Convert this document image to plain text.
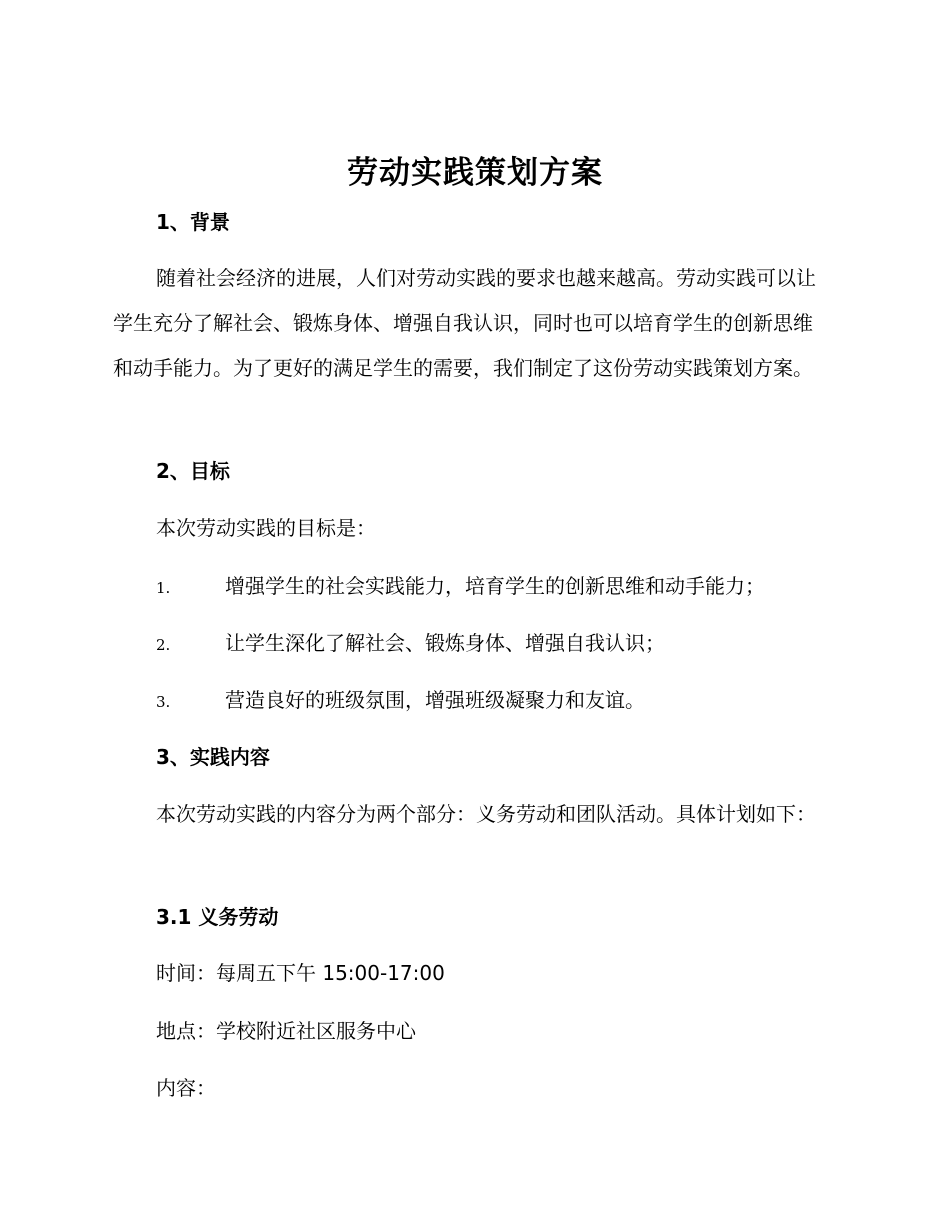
劳动实践策划方案
1、背景
随着社会经济的进展，人们对劳动实践的要求也越来越高。劳动实践可以让学生充分了解社会、锻炼身体、增强自我认识，同时也可以培育学生的创新思维和动手能力。为了更好的满足学生的需要，我们制定了这份劳动实践策划方案。
2、目标
本次劳动实践的目标是：
1.	增强学生的社会实践能力，培育学生的创新思维和动手能力；
2.	让学生深化了解社会、锻炼身体、增强自我认识；
3.	营造良好的班级氛围，增强班级凝聚力和友谊。
3、实践内容
本次劳动实践的内容分为两个部分：义务劳动和团队活动。具体计划如下：
3.1 义务劳动
时间：每周五下午 15:00-17:00
地点：学校附近社区服务中心
内容：
